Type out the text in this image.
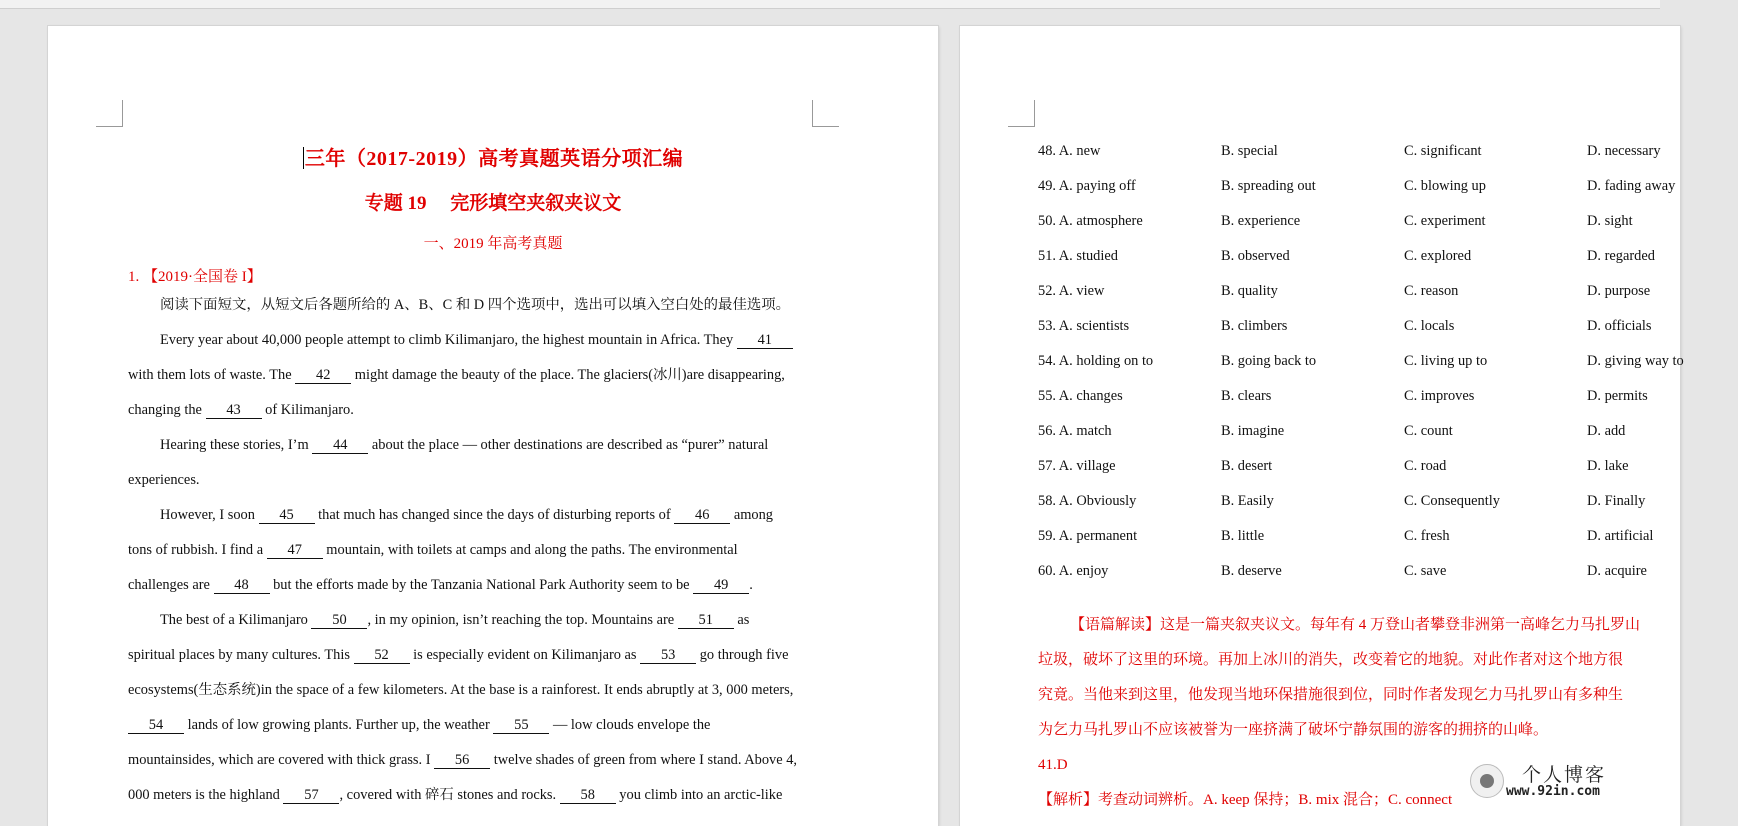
三年（2017-2019）高考真题英语分项汇编
专题 19　 完形填空夹叙夹议文
一、2019 年高考真题
1. 【2019·全国卷 I】
阅读下面短文，从短文后各题所给的 A、B、C 和 D 四个选项中，选出可以填入空白处的最佳选项。
Every year about 40,000 people attempt to climb Kilimanjaro, the highest mountain in Africa. They 41
with them lots of waste. The 42 might damage the beauty of the place. The glaciers(冰川)are disappearing,
changing the 43 of Kilimanjaro.
Hearing these stories, I’m 44 about the place — other destinations are described as “purer” natural
experiences.
However, I soon 45 that much has changed since the days of disturbing reports of 46 among
tons of rubbish. I find a 47 mountain, with toilets at camps and along the paths. The environmental
challenges are 48 but the efforts made by the Tanzania National Park Authority seem to be 49 .
The best of a Kilimanjaro 50 , in my opinion, isn’t reaching the top. Mountains are 51 as
spiritual places by many cultures. This 52 is especially evident on Kilimanjaro as 53 go through five
ecosystems(生态系统)in the space of a few kilometers. At the base is a rainforest. It ends abruptly at 3, 000 meters,
54 lands of low growing plants. Further up, the weather 55 — low clouds envelope the
mountainsides, which are covered with thick grass. I 56 twelve shades of green from where I stand. Above 4,
000 meters is the highland 57 , covered with 碎石 stones and rocks. 58 you climb into an arctic-like
48. A. new	B. special	C. significant	D. necessary
49. A. paying off	B. spreading out	C. blowing up	D. fading away
50. A. atmosphere	B. experience	C. experiment	D. sight
51. A. studied	B. observed	C. explored	D. regarded
52. A. view	B. quality	C. reason	D. purpose
53. A. scientists	B. climbers	C. locals	D. officials
54. A. holding on to	B. going back to	C. living up to	D. giving way to
55. A. changes	B. clears	C. improves	D. permits
56. A. match	B. imagine	C. count	D. add
57. A. village	B. desert	C. road	D. lake
58. A. Obviously	B. Easily	C. Consequently	D. Finally
59. A. permanent	B. little	C. fresh	D. artificial
60. A. enjoy	B. deserve	C. save	D. acquire
【语篇解读】这是一篇夹叙夹议文。每年有 4 万登山者攀登非洲第一高峰乞力马扎罗山
垃圾，破坏了这里的环境。再加上冰川的消失，改变着它的地貌。对此作者对这个地方很
究竟。当他来到这里，他发现当地环保措施很到位，同时作者发现乞力马扎罗山有多种生
为乞力马扎罗山不应该被誉为一座挤满了破坏宁静氛围的游客的拥挤的山峰。
41.D
【解析】考查动词辨析。A. keep 保持；B. mix 混合；C. connect
个人博客
www.92in.com
